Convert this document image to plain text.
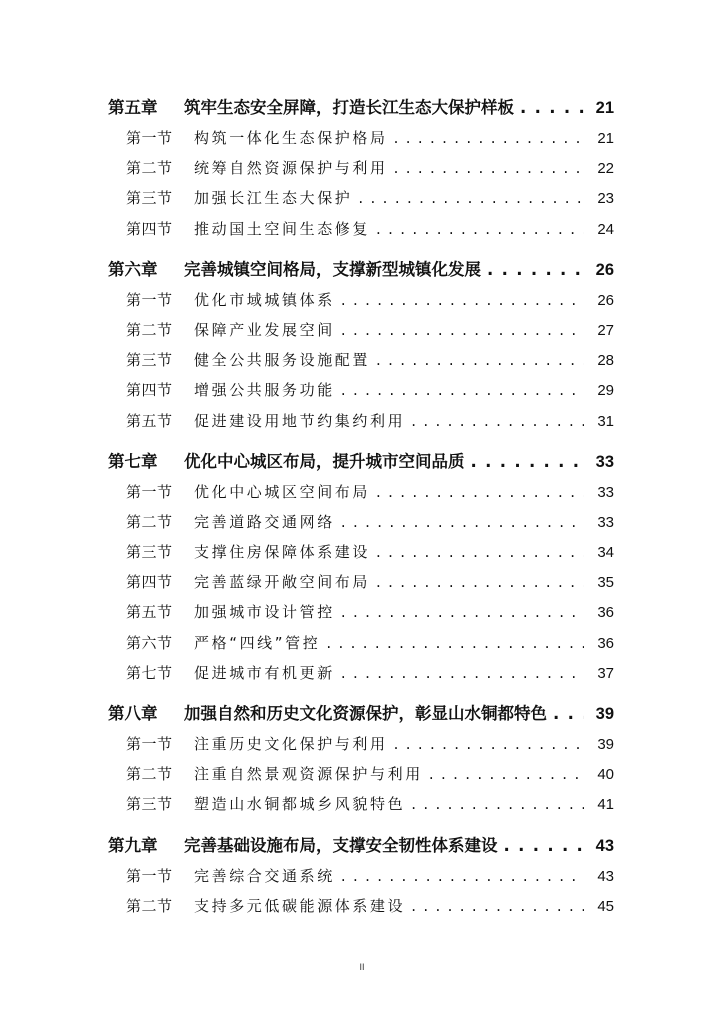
第五章	筑牢生态安全屏障，打造长江生态大保护样板 . . .	21
第一节	构筑一体化生态保护格局 . . .	21
第二节	统筹自然资源保护与利用 . . .	22
第三节	加强长江生态大保护 . . .	23
第四节	推动国土空间生态修复 . . .	24
第六章	完善城镇空间格局，支撑新型城镇化发展 . . .	26
第一节	优化市域城镇体系 . . .	26
第二节	保障产业发展空间 . . .	27
第三节	健全公共服务设施配置 . . .	28
第四节	增强公共服务功能 . . .	29
第五节	促进建设用地节约集约利用 . . .	31
第七章	优化中心城区布局，提升城市空间品质 . . .	33
第一节	优化中心城区空间布局 . . .	33
第二节	完善道路交通网络 . . .	33
第三节	支撑住房保障体系建设 . . .	34
第四节	完善蓝绿开敞空间布局 . . .	35
第五节	加强城市设计管控 . . .	36
第六节	严格“四线”管控 . . .	36
第七节	促进城市有机更新 . . .	37
第八章	加强自然和历史文化资源保护，彰显山水铜都特色 . . .	39
第一节	注重历史文化保护与利用 . . .	39
第二节	注重自然景观资源保护与利用 . . .	40
第三节	塑造山水铜都城乡风貌特色 . . .	41
第九章	完善基础设施布局，支撑安全韧性体系建设 . . .	43
第一节	完善综合交通系统 . . .	43
第二节	支持多元低碳能源体系建设 . . .	45
II
